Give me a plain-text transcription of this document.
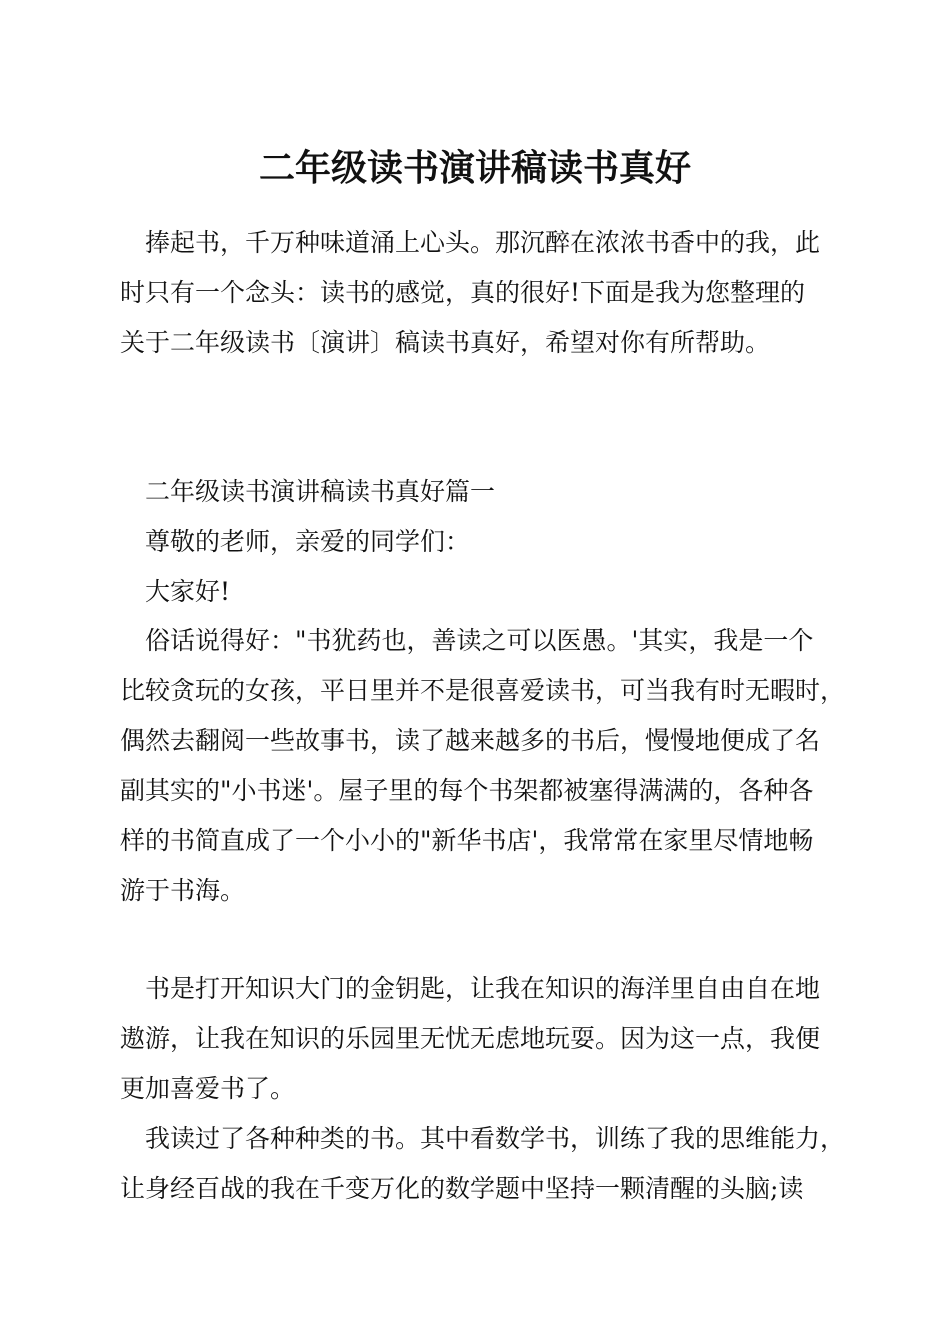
二年级读书演讲稿读书真好
　捧起书，千万种味道涌上心头。那沉醉在浓浓书香中的我，此
时只有一个念头：读书的感觉，真的很好!下面是我为您整理的
关于二年级读书〔演讲〕稿读书真好，希望对你有所帮助。
　二年级读书演讲稿读书真好篇一
　尊敬的老师，亲爱的同学们：
　大家好!
　俗话说得好："书犹药也，善读之可以医愚。'其实，我是一个
比较贪玩的女孩，平日里并不是很喜爱读书，可当我有时无暇时，
偶然去翻阅一些故事书，读了越来越多的书后，慢慢地便成了名
副其实的"小书迷'。屋子里的每个书架都被塞得满满的，各种各
样的书简直成了一个小小的"新华书店'，我常常在家里尽情地畅
游于书海。
　书是打开知识大门的金钥匙，让我在知识的海洋里自由自在地
遨游，让我在知识的乐园里无忧无虑地玩耍。因为这一点，我便
更加喜爱书了。
　我读过了各种种类的书。其中看数学书，训练了我的思维能力，
让身经百战的我在千变万化的数学题中坚持一颗清醒的头脑;读
